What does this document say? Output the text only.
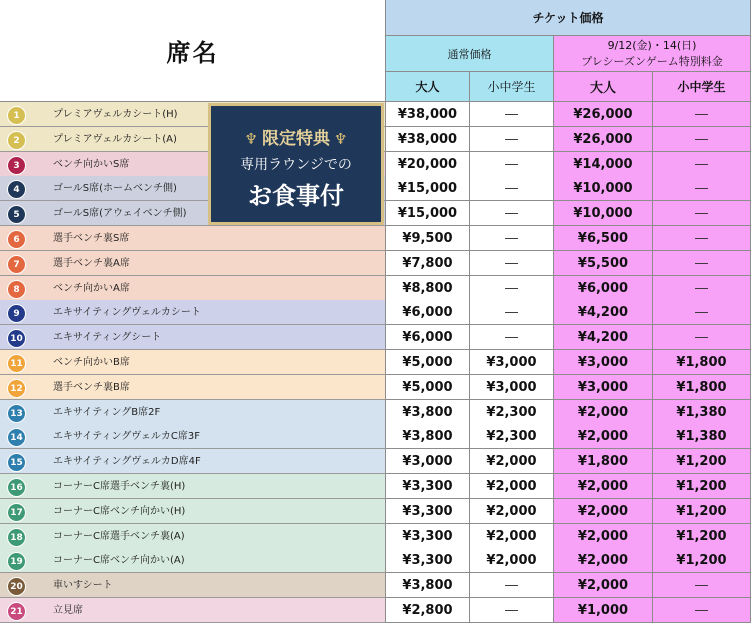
席名
チケット価格
通常価格
9/12(金)・14(日)
プレシーズンゲーム特別料金
大人	小中学生	大人	小中学生
1	プレミアヴェルカシート(H)	¥38,000	―	¥26,000	―
2	プレミアヴェルカシート(A)	¥38,000	―	¥26,000	―
3	ベンチ向かいS席	¥20,000	―	¥14,000	―
4	ゴールS席(ホームベンチ側)	¥15,000	―	¥10,000	―
5	ゴールS席(アウェイベンチ側)	¥15,000	―	¥10,000	―
6	選手ベンチ裏S席	¥9,500	―	¥6,500	―
7	選手ベンチ裏A席	¥7,800	―	¥5,500	―
8	ベンチ向かいA席	¥8,800	―	¥6,000	―
9	エキサイティングヴェルカシート	¥6,000	―	¥4,200	―
10	エキサイティングシート	¥6,000	―	¥4,200	―
11	ベンチ向かいB席	¥5,000	¥3,000	¥3,000	¥1,800
12	選手ベンチ裏B席	¥5,000	¥3,000	¥3,000	¥1,800
13	エキサイティングB席2F	¥3,800	¥2,300	¥2,000	¥1,380
14	エキサイティングヴェルカC席3F	¥3,800	¥2,300	¥2,000	¥1,380
15	エキサイティングヴェルカD席4F	¥3,000	¥2,000	¥1,800	¥1,200
16	コーナーC席選手ベンチ裏(H)	¥3,300	¥2,000	¥2,000	¥1,200
17	コーナーC席ベンチ向かい(H)	¥3,300	¥2,000	¥2,000	¥1,200
18	コーナーC席選手ベンチ裏(A)	¥3,300	¥2,000	¥2,000	¥1,200
19	コーナーC席ベンチ向かい(A)	¥3,300	¥2,000	¥2,000	¥1,200
20	車いすシート	¥3,800	―	¥2,000	―
21	立見席	¥2,800	―	¥1,000	―
♆ 限定特典 ♆
専用ラウンジでの
お食事付
